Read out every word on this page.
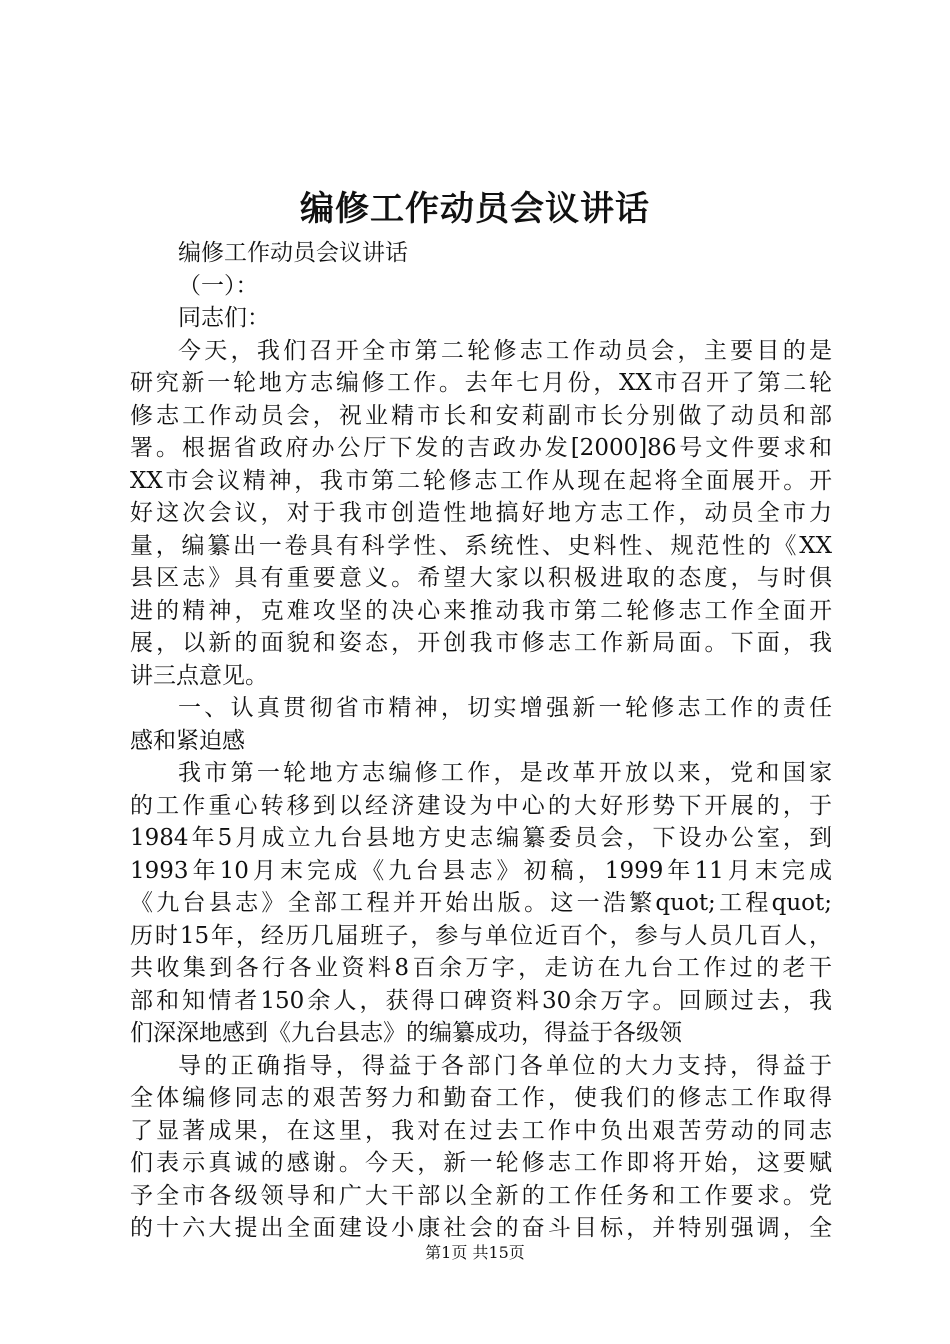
编修工作动员会议讲话
编修工作动员会议讲话
（一）：
同志们：
今天，我们召开全市第二轮修志工作动员会，主要目的是
研究新一轮地方志编修工作。去年七月份，XX市召开了第二轮
修志工作动员会，祝业精市长和安莉副市长分别做了动员和部
署。根据省政府办公厅下发的吉政办发[2000]86号文件要求和
XX市会议精神，我市第二轮修志工作从现在起将全面展开。开
好这次会议，对于我市创造性地搞好地方志工作，动员全市力
量，编纂出一卷具有科学性、系统性、史料性、规范性的《XX
县区志》具有重要意义。希望大家以积极进取的态度，与时俱
进的精神，克难攻坚的决心来推动我市第二轮修志工作全面开
展，以新的面貌和姿态，开创我市修志工作新局面。下面，我
讲三点意见。
一、认真贯彻省市精神，切实增强新一轮修志工作的责任
感和紧迫感
我市第一轮地方志编修工作，是改革开放以来，党和国家
的工作重心转移到以经济建设为中心的大好形势下开展的，于
1984年5月成立九台县地方史志编纂委员会，下设办公室，到
1993年10月末完成《九台县志》初稿，1999年11月末完成
《九台县志》全部工程并开始出版。这一浩繁quot;工程quot;
历时15年，经历几届班子，参与单位近百个，参与人员几百人，
共收集到各行各业资料8百余万字，走访在九台工作过的老干
部和知情者150余人，获得口碑资料30余万字。回顾过去，我
们深深地感到《九台县志》的编纂成功，得益于各级领
导的正确指导，得益于各部门各单位的大力支持，得益于
全体编修同志的艰苦努力和勤奋工作，使我们的修志工作取得
了显著成果，在这里，我对在过去工作中负出艰苦劳动的同志
们表示真诚的感谢。今天，新一轮修志工作即将开始，这要赋
予全市各级领导和广大干部以全新的工作任务和工作要求。党
的十六大提出全面建设小康社会的奋斗目标，并特别强调，全
第1页 共15页
